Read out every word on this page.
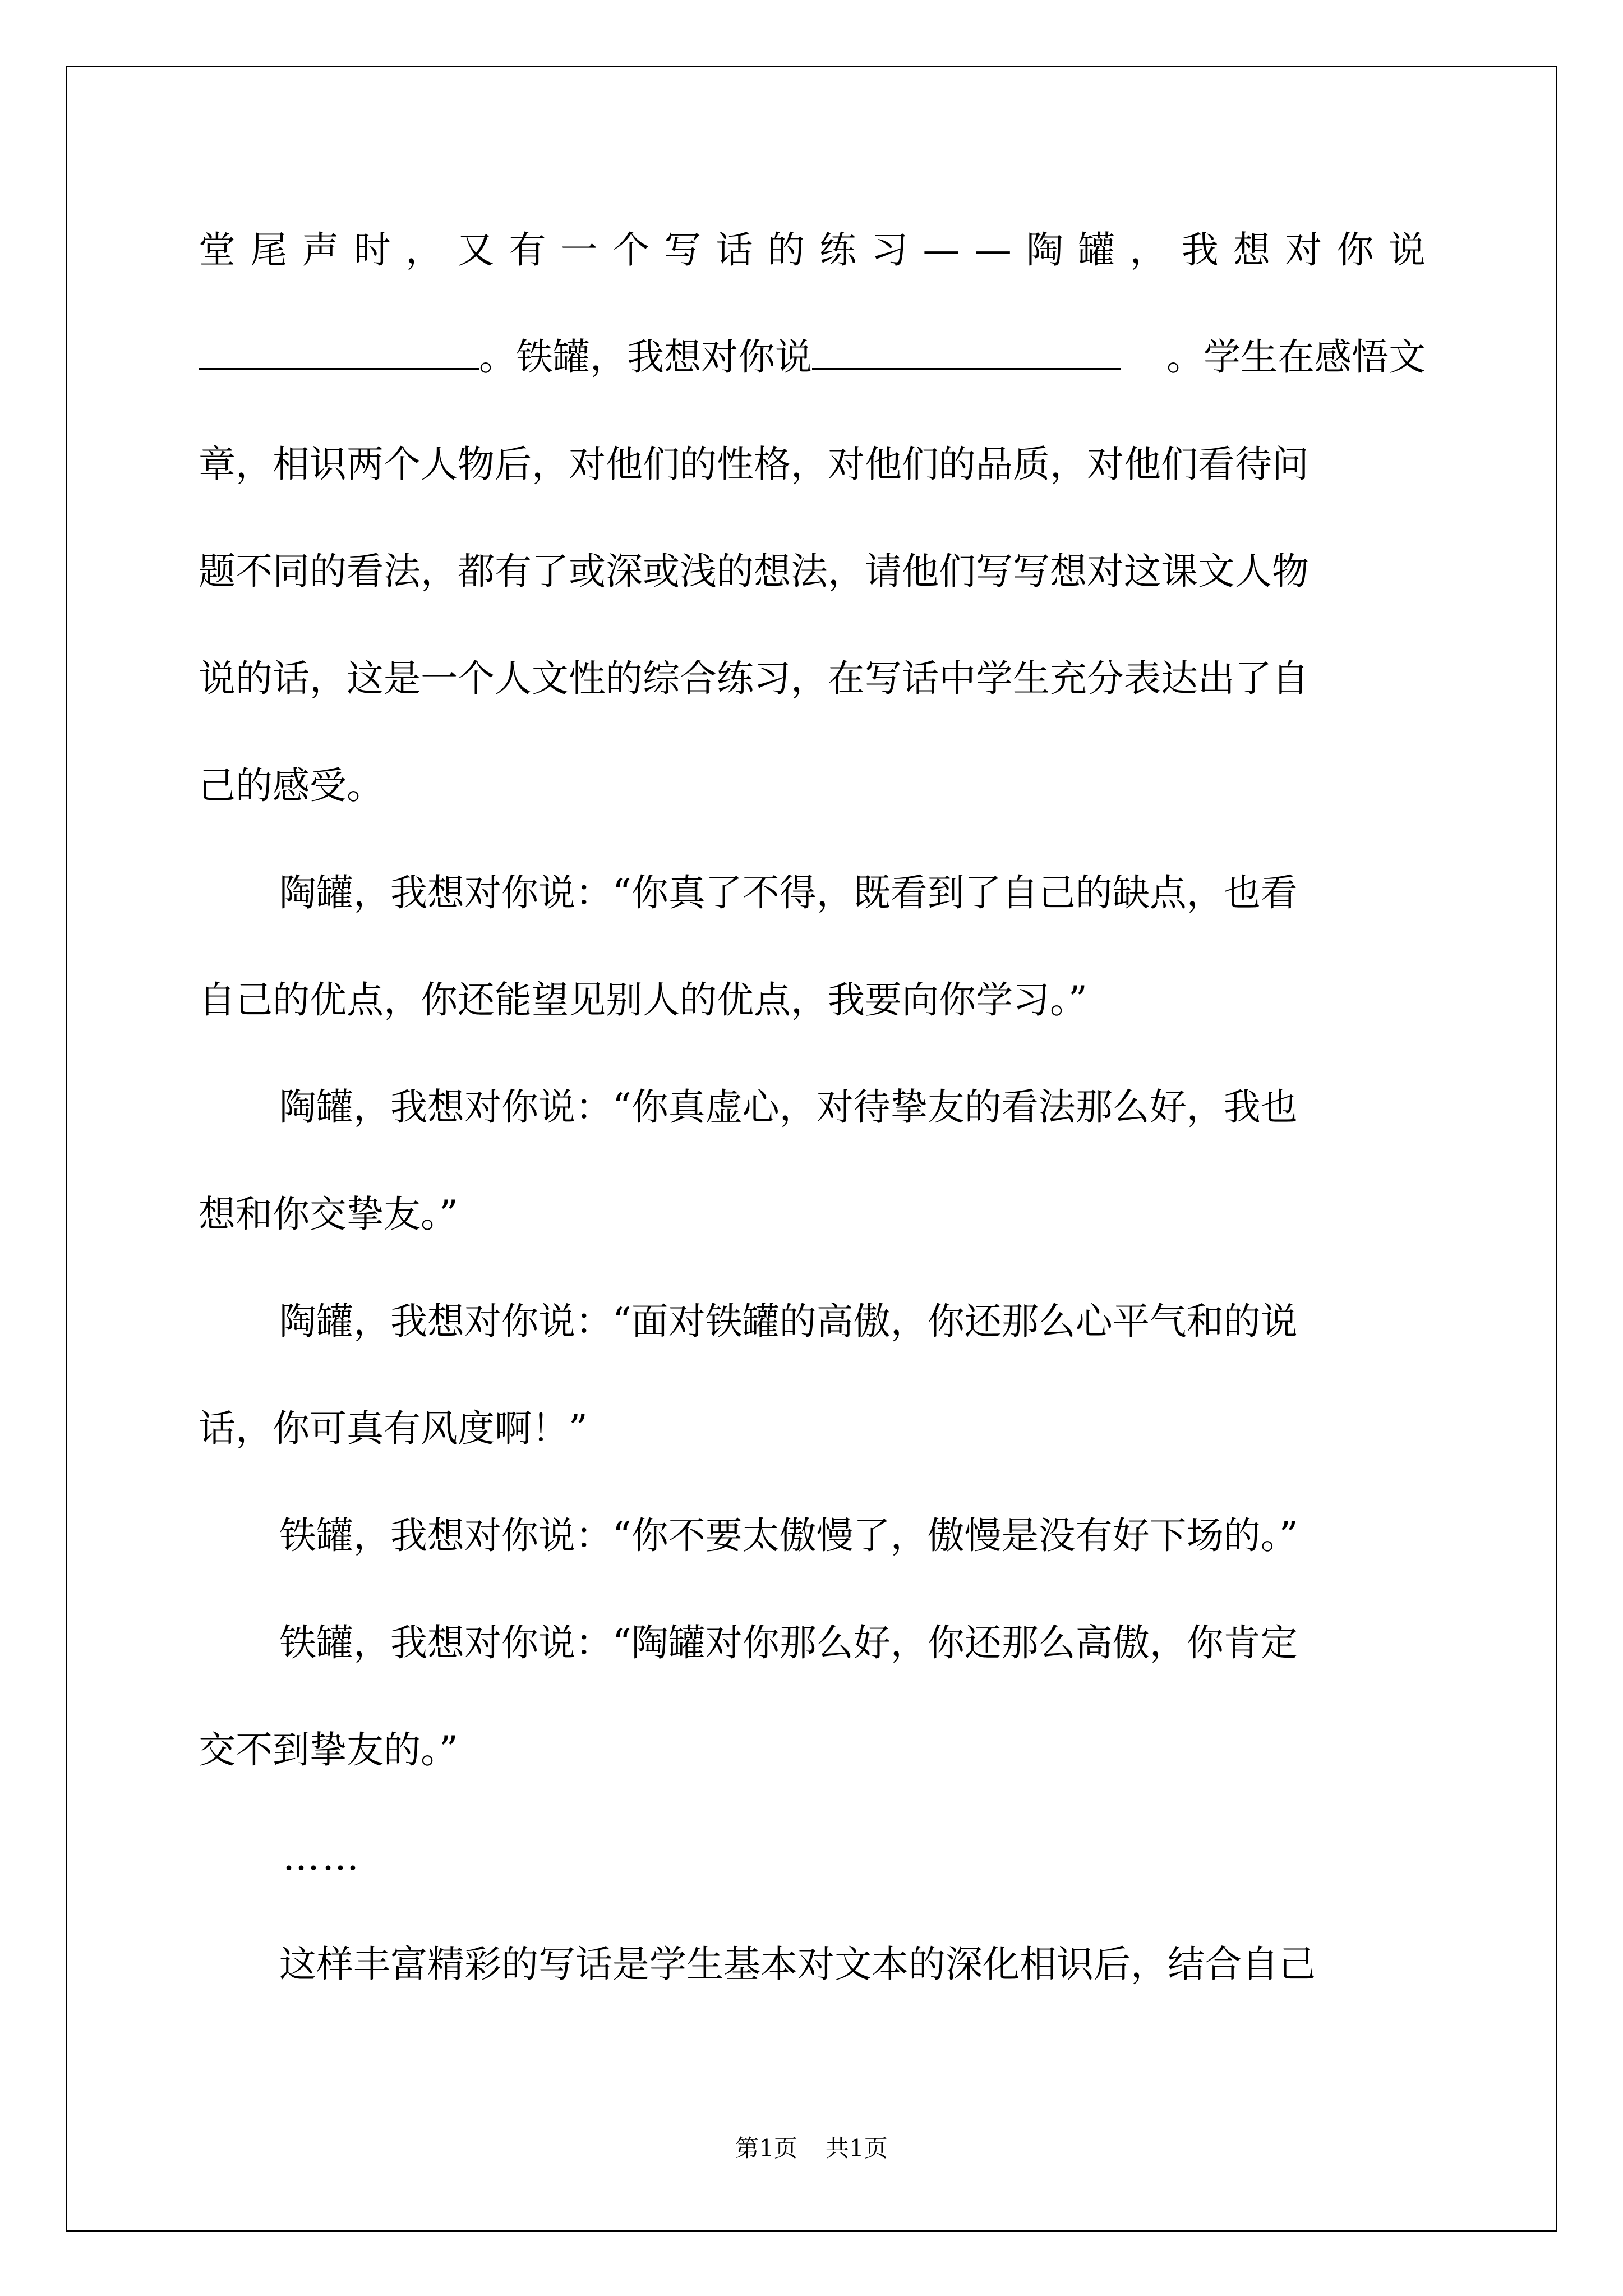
堂 尾 声 时 ， 又 有 一 个 写 话 的 练 习 — — 陶 罐 ， 我 想 对 你 说
。铁罐，我想对你说	。学生在感悟文
章，相识两个人物后，对他们的性格，对他们的品质，对他们看待问
题不同的看法，都有了或深或浅的想法，请他们写写想对这课文人物
说的话，这是一个人文性的综合练习，在写话中学生充分表达出了自
己的感受。
陶罐，我想对你说：“你真了不得，既看到了自己的缺点，也看
自己的优点，你还能望见别人的优点，我要向你学习。”
陶罐，我想对你说：“你真虚心，对待挚友的看法那么好，我也
想和你交挚友。”
陶罐，我想对你说：“面对铁罐的高傲，你还那么心平气和的说
话，你可真有风度啊！”
铁罐，我想对你说：“你不要太傲慢了，傲慢是没有好下场的。”
铁罐，我想对你说：“陶罐对你那么好，你还那么高傲，你肯定
交不到挚友的。”
……
这样丰富精彩的写话是学生基本对文本的深化相识后，结合自己
第1页 共1页
